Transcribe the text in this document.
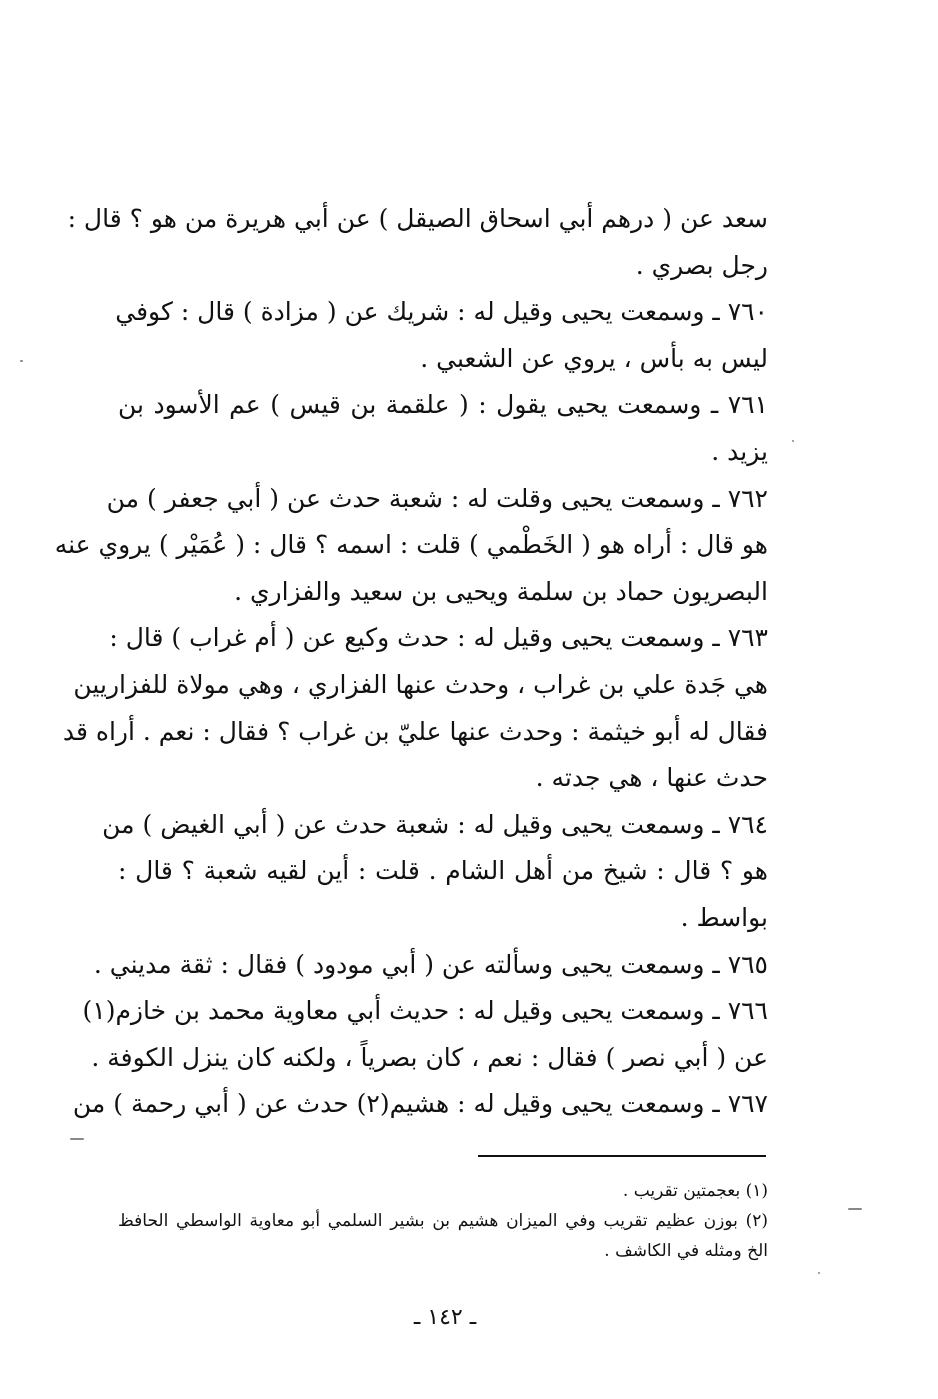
سعد عن ( درهم أبي اسحاق الصيقل ) عن أبي هريرة من هو ؟ قال :
رجل بصري .
٧٦٠ ـ وسمعت يحيى وقيل له : شريك عن ( مزادة ) قال : كوفي
ليس به بأس ، يروي عن الشعبي .
٧٦١ ـ وسمعت يحيى يقول : ( علقمة بن قيس ) عم الأسود بن
يزيد .
٧٦٢ ـ وسمعت يحيى وقلت له : شعبة حدث عن ( أبي جعفر ) من
هو قال : أراه هو ( الخَطْمي ) قلت : اسمه ؟ قال : ( عُمَيْر ) يروي عنه
البصريون حماد بن سلمة ويحيى بن سعيد والفزاري .
٧٦٣ ـ وسمعت يحيى وقيل له : حدث وكيع عن ( أم غراب ) قال :
هي جَدة علي بن غراب ، وحدث عنها الفزاري ، وهي مولاة للفزاريين
فقال له أبو خيثمة : وحدث عنها عليّ بن غراب ؟ فقال : نعم . أراه قد
حدث عنها ، هي جدته .
٧٦٤ ـ وسمعت يحيى وقيل له : شعبة حدث عن ( أبي الغيض ) من
هو ؟ قال : شيخ من أهل الشام . قلت : أين لقيه شعبة ؟ قال :
بواسط .
٧٦٥ ـ وسمعت يحيى وسألته عن ( أبي مودود ) فقال : ثقة مديني .
٧٦٦ ـ وسمعت يحيى وقيل له : حديث أبي معاوية محمد بن خازم(١)
عن ( أبي نصر ) فقال : نعم ، كان بصرياً ، ولكنه كان ينزل الكوفة .
٧٦٧ ـ وسمعت يحيى وقيل له : هشيم(٢) حدث عن ( أبي رحمة ) من
(١) بعجمتين تقريب .
(٢) بوزن عظيم تقريب وفي الميزان هشيم بن بشير السلمي أبو معاوية الواسطي الحافظ
الخ ومثله في الكاشف .
ـ ١٤٢ ـ
